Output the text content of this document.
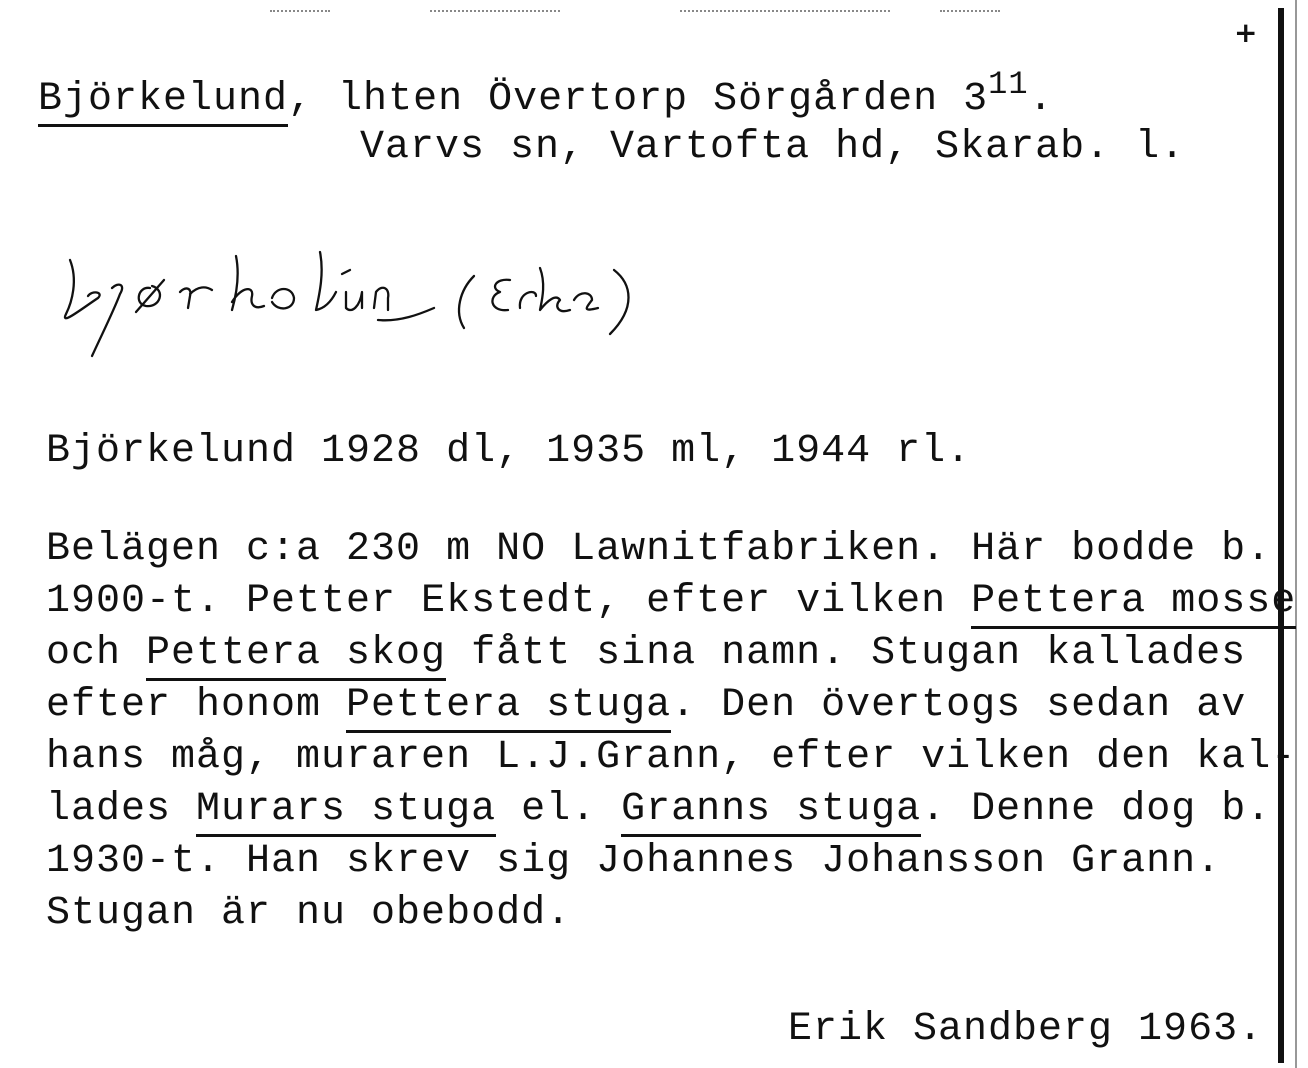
+
Björkelund, lhten Övertorp Sörgården $3^{11}$.
Varvs sn, Vartofta hd, Skarab. l.
Björkelund 1928 dl, 1935 ml, 1944 rl.
Belägen c:a 230 m NO Lawnitfabriken. Här bodde b.
1900-t. Petter Ekstedt, efter vilken Pettera mosse
och Pettera skog fått sina namn. Stugan kallades
efter honom Pettera stuga. Den övertogs sedan av
hans måg, muraren L.J.Grann, efter vilken den kal-
lades Murars stuga el. Granns stuga. Denne dog b.
1930-t. Han skrev sig Johannes Johansson Grann.
Stugan är nu obebodd.
Erik Sandberg 1963.
